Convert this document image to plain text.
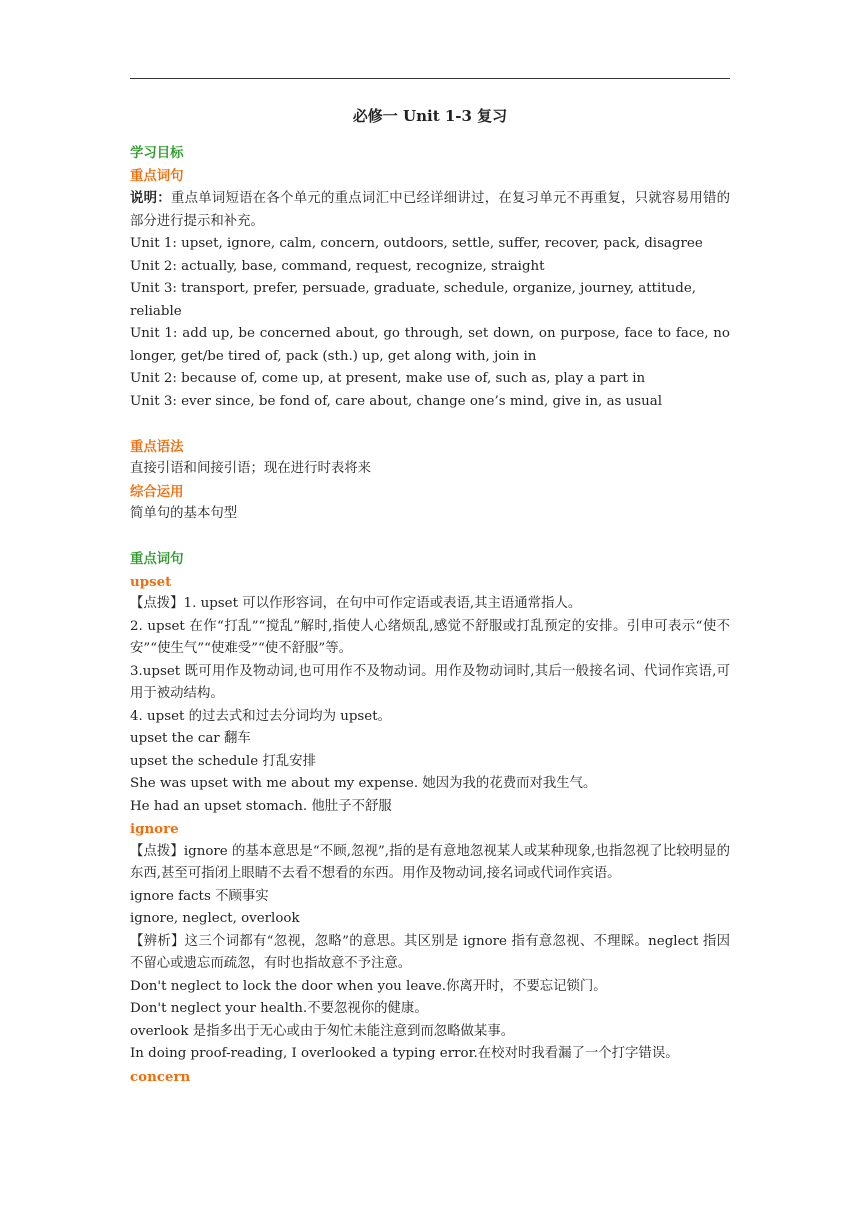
必修一 Unit 1-3 复习

学习目标

重点词句

说明：重点单词短语在各个单元的重点词汇中已经详细讲过，在复习单元不再重复，只就容易用错的部分进行提示和补充。

Unit 1: upset, ignore, calm, concern, outdoors, settle, suffer, recover, pack, disagree

Unit 2: actually, base, command, request, recognize, straight

Unit 3: transport, prefer, persuade, graduate, schedule, organize, journey, attitude, reliable

Unit 1: add up, be concerned about, go through, set down, on purpose, face to face, no longer, get/be tired of, pack (sth.) up, get along with, join in

Unit 2: because of, come up, at present, make use of, such as, play a part in

Unit 3: ever since, be fond of, care about, change one’s mind, give in, as usual

重点语法

直接引语和间接引语；现在进行时表将来

综合运用

简单句的基本句型

重点词句

upset

【点拨】1. upset 可以作形容词，在句中可作定语或表语,其主语通常指人。

2. upset 在作“打乱”“搅乱”解时,指使人心绪烦乱,感觉不舒服或打乱预定的安排。引申可表示“使不安”“使生气”“使难受”“使不舒服”等。

3.upset 既可用作及物动词,也可用作不及物动词。用作及物动词时,其后一般接名词、代词作宾语,可用于被动结构。

4. upset 的过去式和过去分词均为 upset。

upset the car 翻车

upset the schedule 打乱安排

She was upset with me about my expense. 她因为我的花费而对我生气。

He had an upset stomach. 他肚子不舒服

ignore

【点拨】ignore 的基本意思是“不顾,忽视”,指的是有意地忽视某人或某种现象,也指忽视了比较明显的东西,甚至可指闭上眼睛不去看不想看的东西。用作及物动词,接名词或代词作宾语。

ignore facts 不顾事实

ignore, neglect, overlook

【辨析】这三个词都有“忽视，忽略”的意思。其区别是 ignore 指有意忽视、不理睬。neglect 指因不留心或遗忘而疏忽，有时也指故意不予注意。

Don't neglect to lock the door when you leave.你离开时，不要忘记锁门。

Don't neglect your health.不要忽视你的健康。

overlook 是指多出于无心或由于匆忙未能注意到而忽略做某事。

In doing proof-reading, I overlooked a typing error.在校对时我看漏了一个打字错误。

concern
